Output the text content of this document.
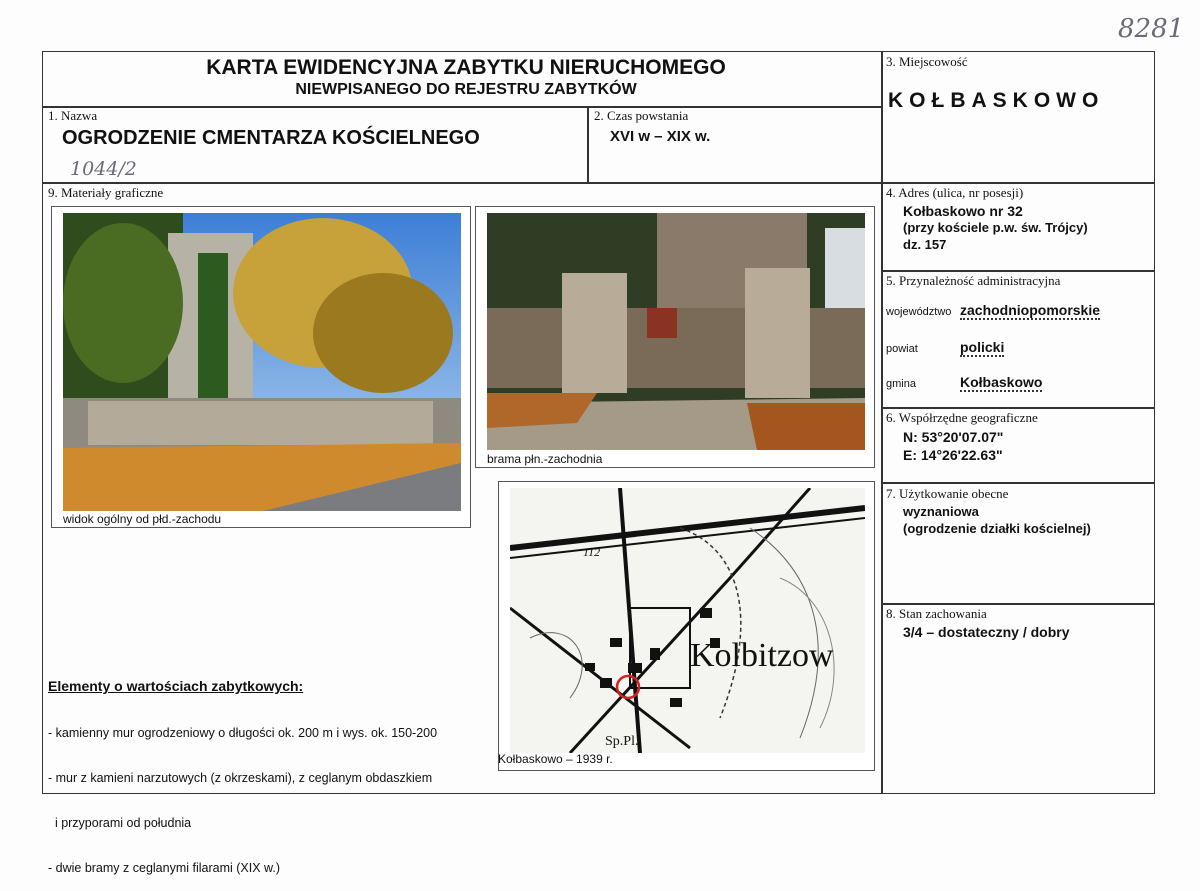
8281
KARTA EWIDENCYJNA ZABYTKU NIERUCHOMEGO
NIEWPISANEGO DO REJESTRU ZABYTKÓW
1. Nazwa
OGRODZENIE CMENTARZA KOŚCIELNEGO
1044/2
2. Czas powstania
XVI w – XIX w.
3. Miejscowość
KOŁBASKOWO
4. Adres (ulica, nr posesji)
Kołbaskowo nr 32
(przy kościele p.w. św. Trójcy)
dz. 157
5. Przynależność administracyjna
województwo zachodniopomorskie
powiat	policki
gmina	Kołbaskowo
6. Współrzędne geograficzne
N: 53°20'07.07"
E: 14°26'22.63"
7. Użytkowanie obecne
wyznaniowa
(ogrodzenie działki kościelnej)
8. Stan zachowania
3/4 – dostateczny / dobry
9. Materiały graficzne
widok ogólny od płd.-zachodu
brama płn.-zachodnia
112
Kolbitzow
Sp.Pl.
Kołbaskowo – 1939 r.
Elementy o wartościach zabytkowych:

- kamienny mur ogrodzeniowy o długości ok. 200 m i wys. ok. 150-200

- mur z kamieni narzutowych (z okrzeskami), z ceglanym obdaszkiem

i przyporami od południa

- dwie bramy z ceglanymi filarami (XIX w.)
